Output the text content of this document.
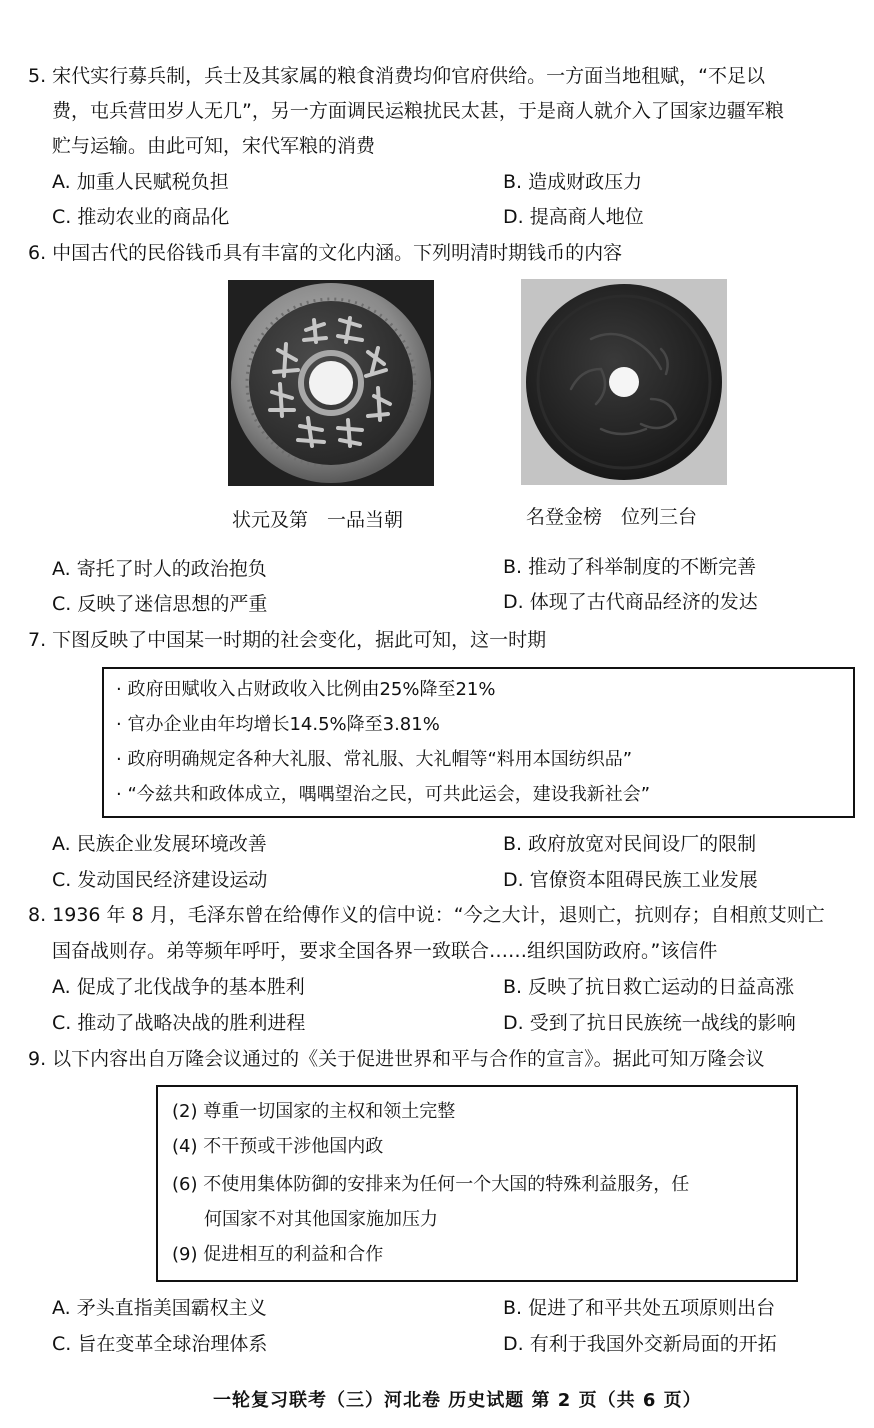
5. 宋代实行募兵制，兵士及其家属的粮食消费均仰官府供给。一方面当地租赋，“不足以
费，屯兵营田岁人无几”，另一方面调民运粮扰民太甚，于是商人就介入了国家边疆军粮
贮与运输。由此可知，宋代军粮的消费
A. 加重人民赋税负担	B. 造成财政压力
C. 推动农业的商品化	D. 提高商人地位
6. 中国古代的民俗钱币具有丰富的文化内涵。下列明清时期钱币的内容
状元及第　一品当朝	名登金榜　位列三台
A. 寄托了时人的政治抱负	B. 推动了科举制度的不断完善
C. 反映了迷信思想的严重	D. 体现了古代商品经济的发达
7. 下图反映了中国某一时期的社会变化，据此可知，这一时期
· 政府田赋收入占财政收入比例由25%降至21%
· 官办企业由年均增长14.5%降至3.81%
· 政府明确规定各种大礼服、常礼服、大礼帽等“料用本国纺织品”
· “今兹共和政体成立，喁喁望治之民，可共此运会，建设我新社会”
A. 民族企业发展环境改善	B. 政府放宽对民间设厂的限制
C. 发动国民经济建设运动	D. 官僚资本阻碍民族工业发展
8. 1936 年 8 月，毛泽东曾在给傅作义的信中说：“今之大计，退则亡，抗则存；自相煎艾则亡
国奋战则存。弟等频年呼吁，要求全国各界一致联合……组织国防政府。”该信件
A. 促成了北伐战争的基本胜利	B. 反映了抗日救亡运动的日益高涨
C. 推动了战略决战的胜利进程	D. 受到了抗日民族统一战线的影响
9. 以下内容出自万隆会议通过的《关于促进世界和平与合作的宣言》。据此可知万隆会议
(2) 尊重一切国家的主权和领土完整
(4) 不干预或干涉他国内政
(6) 不使用集体防御的安排来为任何一个大国的特殊利益服务，任
何国家不对其他国家施加压力
(9) 促进相互的利益和合作
A. 矛头直指美国霸权主义	B. 促进了和平共处五项原则出台
C. 旨在变革全球治理体系	D. 有利于我国外交新局面的开拓
一轮复习联考（三）河北卷 历史试题 第 2 页（共 6 页）
